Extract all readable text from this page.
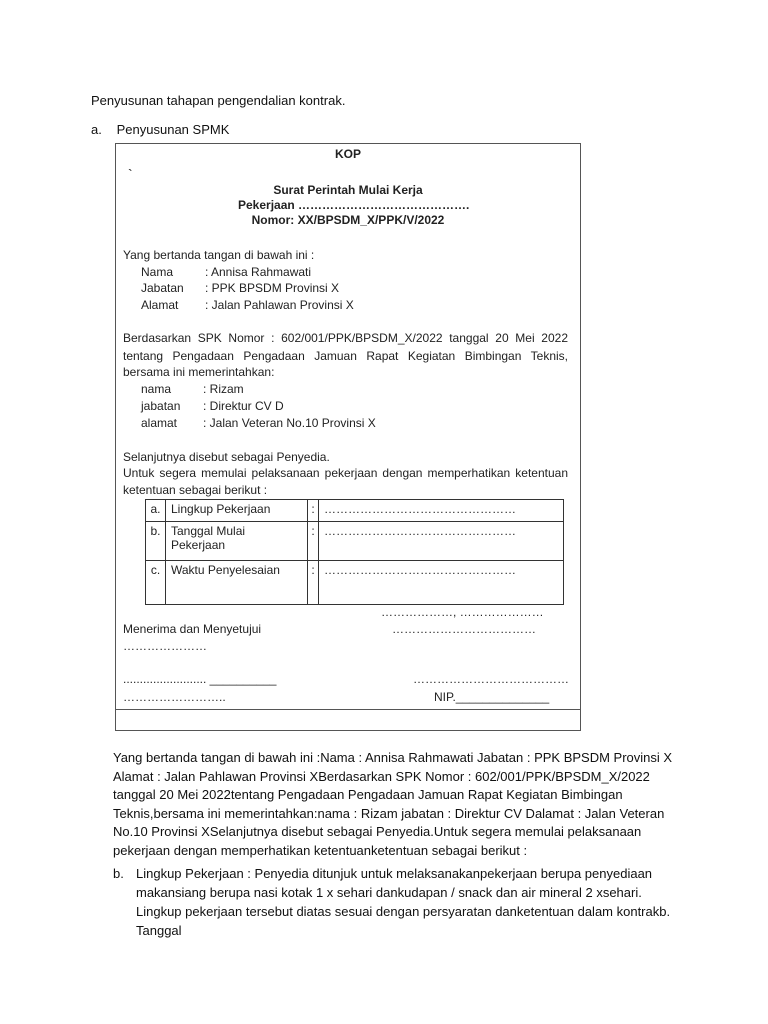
Penyusunan tahapan pengendalian kontrak.
a. Penyusunan SPMK
KOP
`
Surat Perintah Mulai Kerja
Pekerjaan …………………………………….
Nomor: XX/BPSDM_X/PPK/V/2022
Yang bertanda tangan di bawah ini :
Nama	: Annisa Rahmawati
Jabatan : PPK BPSDM Provinsi X
Alamat : Jalan Pahlawan Provinsi X
Berdasarkan SPK Nomor : 602/001/PPK/BPSDM_X/2022 tanggal 20 Mei 2022
tentang Pengadaan Pengadaan Jamuan Rapat Kegiatan Bimbingan Teknis,
bersama ini memerintahkan:
nama	: Rizam
jabatan : Direktur CV D
alamat : Jalan Veteran No.10 Provinsi X
Selanjutnya disebut sebagai Penyedia.
Untuk segera memulai pelaksanaan pekerjaan dengan memperhatikan ketentuan
ketentuan sebagai berikut :
a.	Lingkup Pekerjaan	:	…………………………………………
b.	Tanggal Mulai Pekerjaan	:	…………………………………………
c.	Waktu Penyelesaian	:	…………………………………………
………………, …………………
Menerima dan Menyetujui	………………………………
…………………
......................... __________	…………………………………
……………………..	NIP.______________
Yang bertanda tangan di bawah ini :Nama : Annisa Rahmawati Jabatan : PPK BPSDM Provinsi X Alamat : Jalan Pahlawan Provinsi XBerdasarkan SPK Nomor : 602/001/PPK/BPSDM_X/2022 tanggal 20 Mei 2022tentang Pengadaan Pengadaan Jamuan Rapat Kegiatan Bimbingan Teknis,bersama ini memerintahkan:nama : Rizam jabatan : Direktur CV Dalamat : Jalan Veteran No.10 Provinsi XSelanjutnya disebut sebagai Penyedia.Untuk segera memulai pelaksanaan pekerjaan dengan memperhatikan ketentuanketentuan sebagai berikut :
b. Lingkup Pekerjaan : Penyedia ditunjuk untuk melaksanakanpekerjaan berupa penyediaan makansiang berupa nasi kotak 1 x sehari dankudapan / snack dan air mineral 2 xsehari. Lingkup pekerjaan tersebut diatas sesuai dengan persyaratan danketentuan dalam kontrakb. Tanggal
